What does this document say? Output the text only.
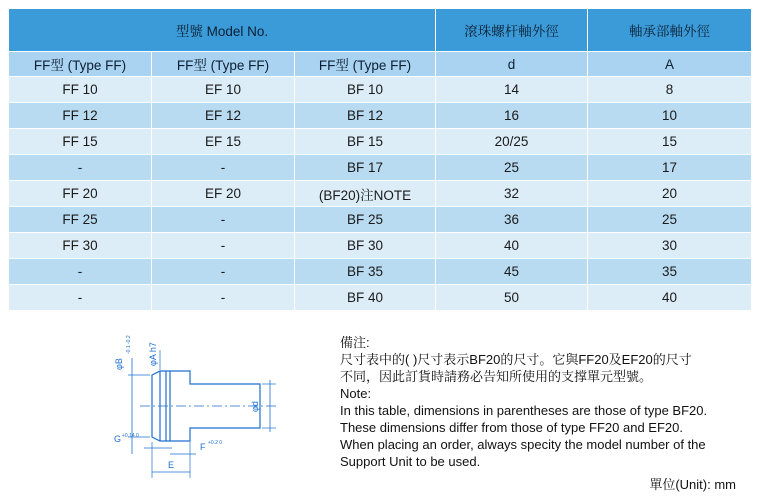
型號 Model No.			滾珠螺杆軸外徑	軸承部軸外徑
FF型 (Type FF)	FF型 (Type FF)	FF型 (Type FF)	d	A
FF 10	EF 10	BF 10	14	8
FF 12	EF 12	BF 12	16	10
FF 15	EF 15	BF 15	20/25	15
-	-	BF 17	25	17
FF 20	EF 20	(BF20)注NOTE	32	20
FF 25	-	BF 25	36	25
FF 30	-	BF 30	40	30
-	-	BF 35	45	35
-	-	BF 40	50	40
φB
-0.1 -0.2 φA h7
φd
G +0.14 0
F +0.2 0
E
備注:
尺寸表中的( )尺寸表示BF20的尺寸。它與FF20及EF20的尺寸
不同，因此訂貨時請務必告知所使用的支撑單元型號。
Note:
In this table, dimensions in parentheses are those of type BF20.
These dimensions differ from those of type FF20 and EF20.
When placing an order, always specity the model number of the
Support Unit to be used.
單位(Unit): mm
